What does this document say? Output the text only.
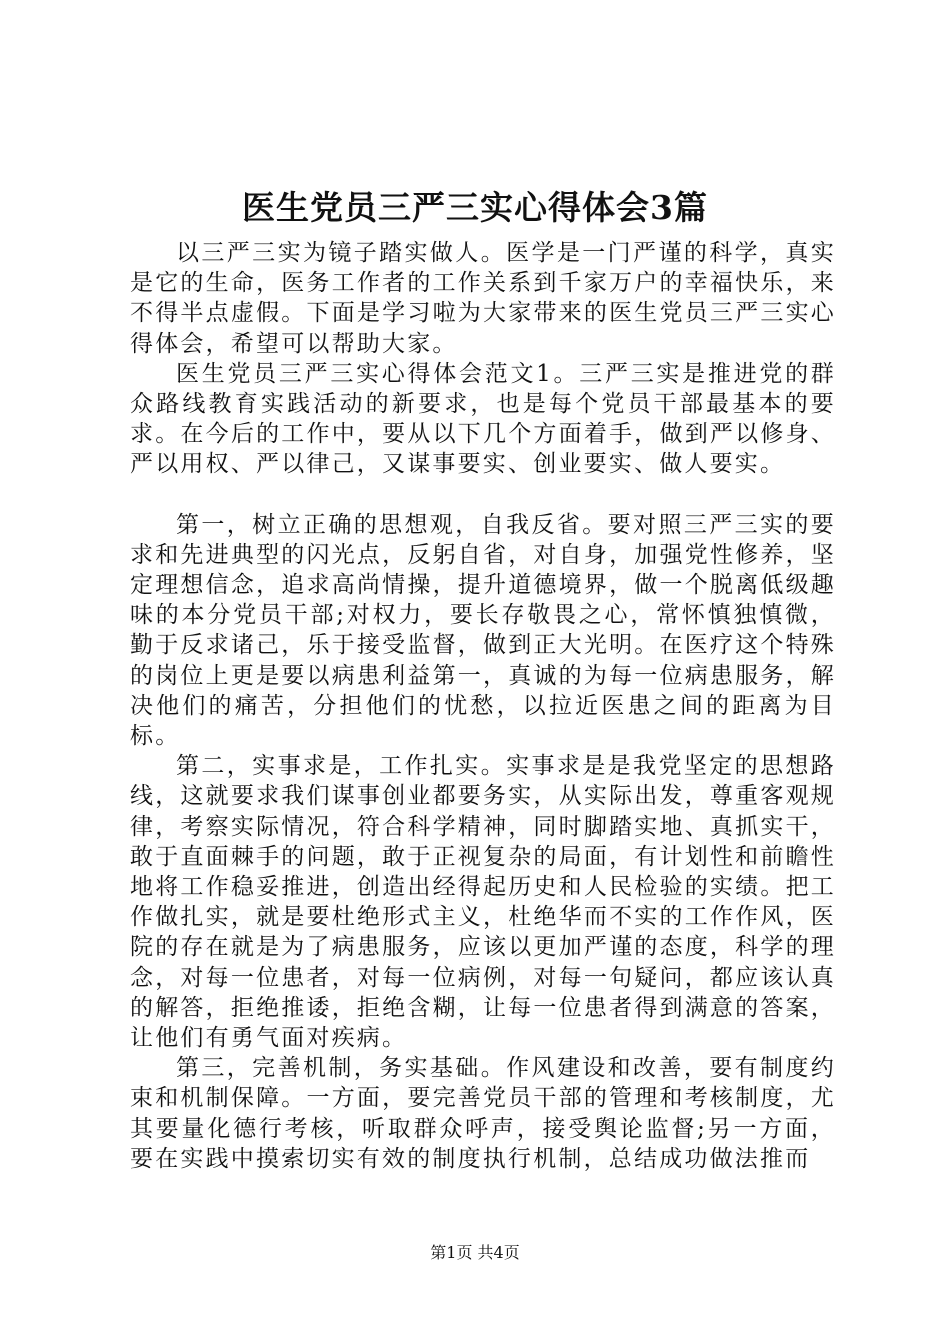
医生党员三严三实心得体会3篇

以三严三实为镜子踏实做人。医学是一门严谨的科学，真实是它的生命，医务工作者的工作关系到千家万户的幸福快乐，来不得半点虚假。下面是学习啦为大家带来的医生党员三严三实心得体会，希望可以帮助大家。

医生党员三严三实心得体会范文1。三严三实是推进党的群众路线教育实践活动的新要求，也是每个党员干部最基本的要求。在今后的工作中，要从以下几个方面着手，做到严以修身、严以用权、严以律己，又谋事要实、创业要实、做人要实。

第一，树立正确的思想观，自我反省。要对照三严三实的要求和先进典型的闪光点，反躬自省，对自身，加强党性修养，坚定理想信念，追求高尚情操，提升道德境界，做一个脱离低级趣味的本分党员干部;对权力，要长存敬畏之心，常怀慎独慎微，勤于反求诸己，乐于接受监督，做到正大光明。在医疗这个特殊的岗位上更是要以病患利益第一，真诚的为每一位病患服务，解决他们的痛苦，分担他们的忧愁，以拉近医患之间的距离为目标。

第二，实事求是，工作扎实。实事求是是我党坚定的思想路线，这就要求我们谋事创业都要务实，从实际出发，尊重客观规律，考察实际情况，符合科学精神，同时脚踏实地、真抓实干，敢于直面棘手的问题，敢于正视复杂的局面，有计划性和前瞻性地将工作稳妥推进，创造出经得起历史和人民检验的实绩。把工作做扎实，就是要杜绝形式主义，杜绝华而不实的工作作风，医院的存在就是为了病患服务，应该以更加严谨的态度，科学的理念，对每一位患者，对每一位病例，对每一句疑问，都应该认真的解答，拒绝推诿，拒绝含糊，让每一位患者得到满意的答案，让他们有勇气面对疾病。

第三，完善机制，务实基础。作风建设和改善，要有制度约束和机制保障。一方面，要完善党员干部的管理和考核制度，尤其要量化德行考核，听取群众呼声，接受舆论监督;另一方面，要在实践中摸索切实有效的制度执行机制，总结成功做法推而

第1页 共4页
